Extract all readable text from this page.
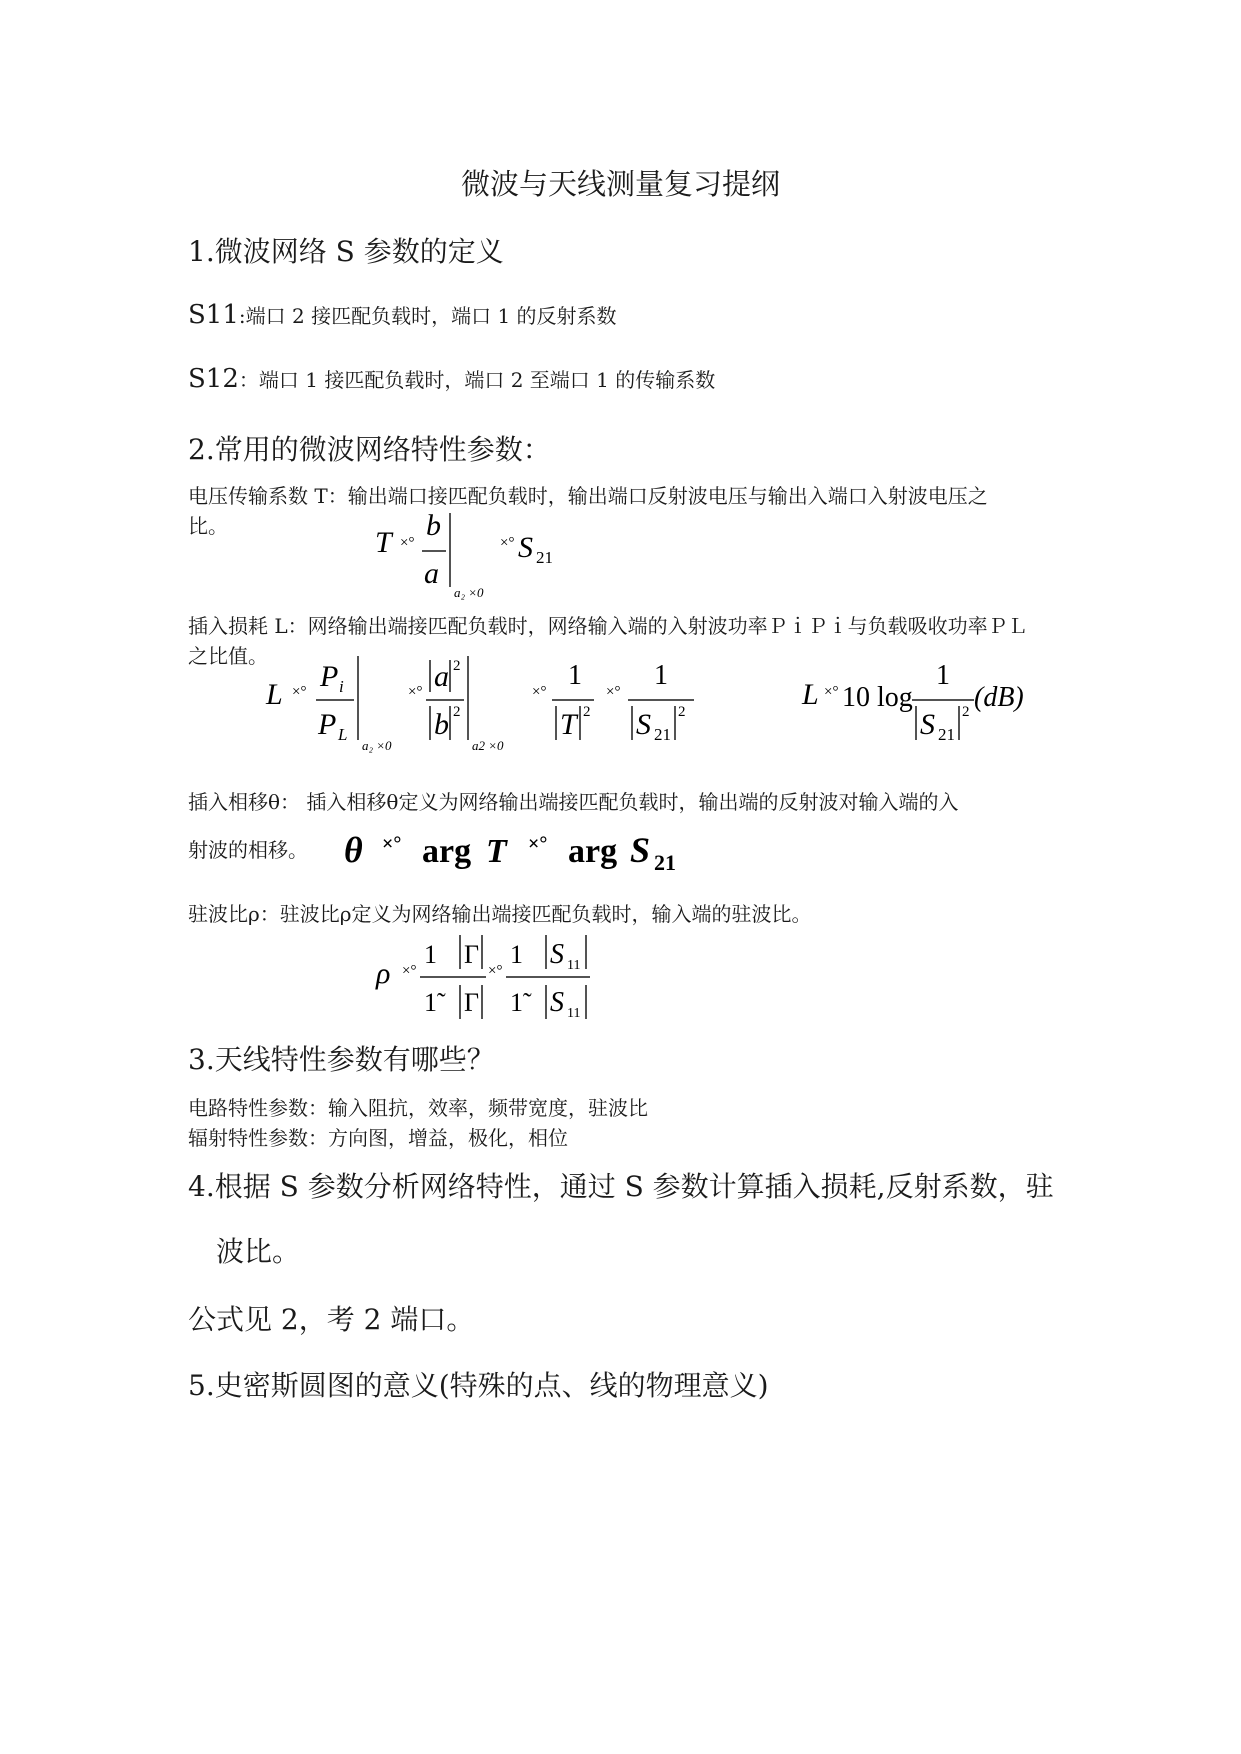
微波与天线测量复习提纲
1.微波网络 S 参数的定义
S11:端口 2 接匹配负载时，端口 1 的反射系数
S12：端口 1 接匹配负载时，端口 2 至端口 1 的传输系数
2.常用的微波网络特性参数：
电压传输系数 T：输出端口接匹配负载时，输出端口反射波电压与输出入端口入射波电压之
比。	T ×°
b
a
a₂ ×0
×° S 21
插入损耗 L：网络输出端接匹配负载时，网络输入端的入射波功率ＰｉＰｉ与负载吸收功率ＰＬ
之比值。
L ×° P i
P L
a₂ ×0
×° a 2
b 2
a2 ×0
×°
1
T 2
×°
1
S 21
2
L ×° 10 log
1
S 21
2 (dB)
插入相移θ： 插入相移θ定义为网络输出端接匹配负载时，输出端的反射波对输入端的入
射波的相移。 θ ×° arg T ×° arg S 21
驻波比ρ：驻波比ρ定义为网络输出端接匹配负载时，输入端的驻波比。
ρ ×°
1 Γ
1̃	Γ
×°
1 S 11
1̃ S 11
3.天线特性参数有哪些？
电路特性参数：输入阻抗，效率，频带宽度，驻波比
辐射特性参数：方向图，增益，极化，相位
4.根据 S 参数分析网络特性，通过 S 参数计算插入损耗,反射系数，驻
波比。
公式见 2，考 2 端口。
5.史密斯圆图的意义(特殊的点、线的物理意义)
